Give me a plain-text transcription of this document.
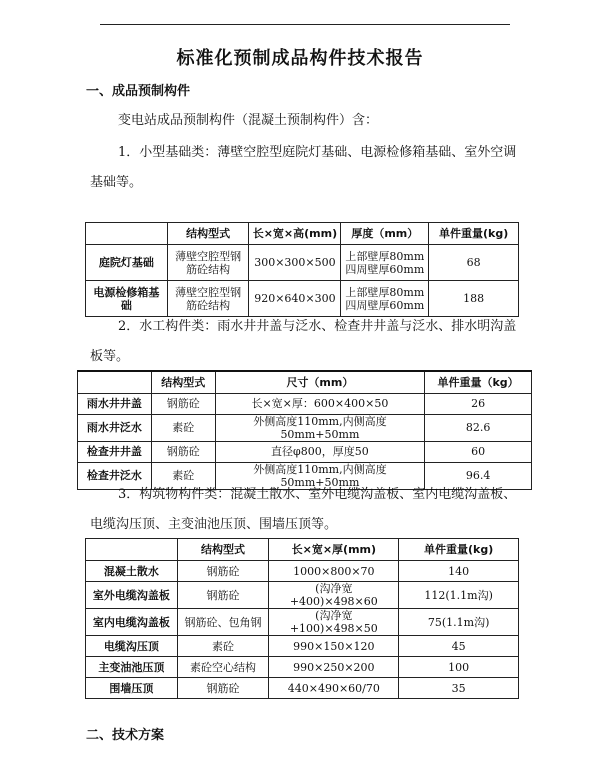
标准化预制成品构件技术报告
一、成品预制构件
变电站成品预制构件（混凝土预制构件）含：
1．小型基础类：薄壁空腔型庭院灯基础、电源检修箱基础、室外空调基础等。
	结构型式	长×宽×高(mm)	厚度（mm）	单件重量(kg)
庭院灯基础	薄壁空腔型钢筋砼结构	300×300×500	上部壁厚80mm四周壁厚60mm	68
电源检修箱基础	薄壁空腔型钢筋砼结构	920×640×300	上部壁厚80mm四周壁厚60mm	188
2．水工构件类：雨水井井盖与泛水、检查井井盖与泛水、排水明沟盖板等。
	结构型式	尺寸（mm）	单件重量（kg）
雨水井井盖	钢筋砼	长×宽×厚：600×400×50	26
雨水井泛水	素砼	外侧高度110mm,内侧高度50mm+50mm	82.6
检查井井盖	钢筋砼	直径φ800，厚度50	60
检查井泛水	素砼	外侧高度110mm,内侧高度50mm+50mm	96.4
3．构筑物构件类：混凝土散水、室外电缆沟盖板、室内电缆沟盖板、电缆沟压顶、主变油池压顶、围墙压顶等。
	结构型式	长×宽×厚(mm)	单件重量(kg)
混凝土散水	钢筋砼	1000×800×70	140
室外电缆沟盖板	钢筋砼	(沟净宽+400)×498×60	112(1.1m沟)
室内电缆沟盖板	钢筋砼、包角钢	(沟净宽+100)×498×50	75(1.1m沟)
电缆沟压顶	素砼	990×150×120	45
主变油池压顶	素砼空心结构	990×250×200	100
围墙压顶	钢筋砼	440×490×60/70	35
二、技术方案
